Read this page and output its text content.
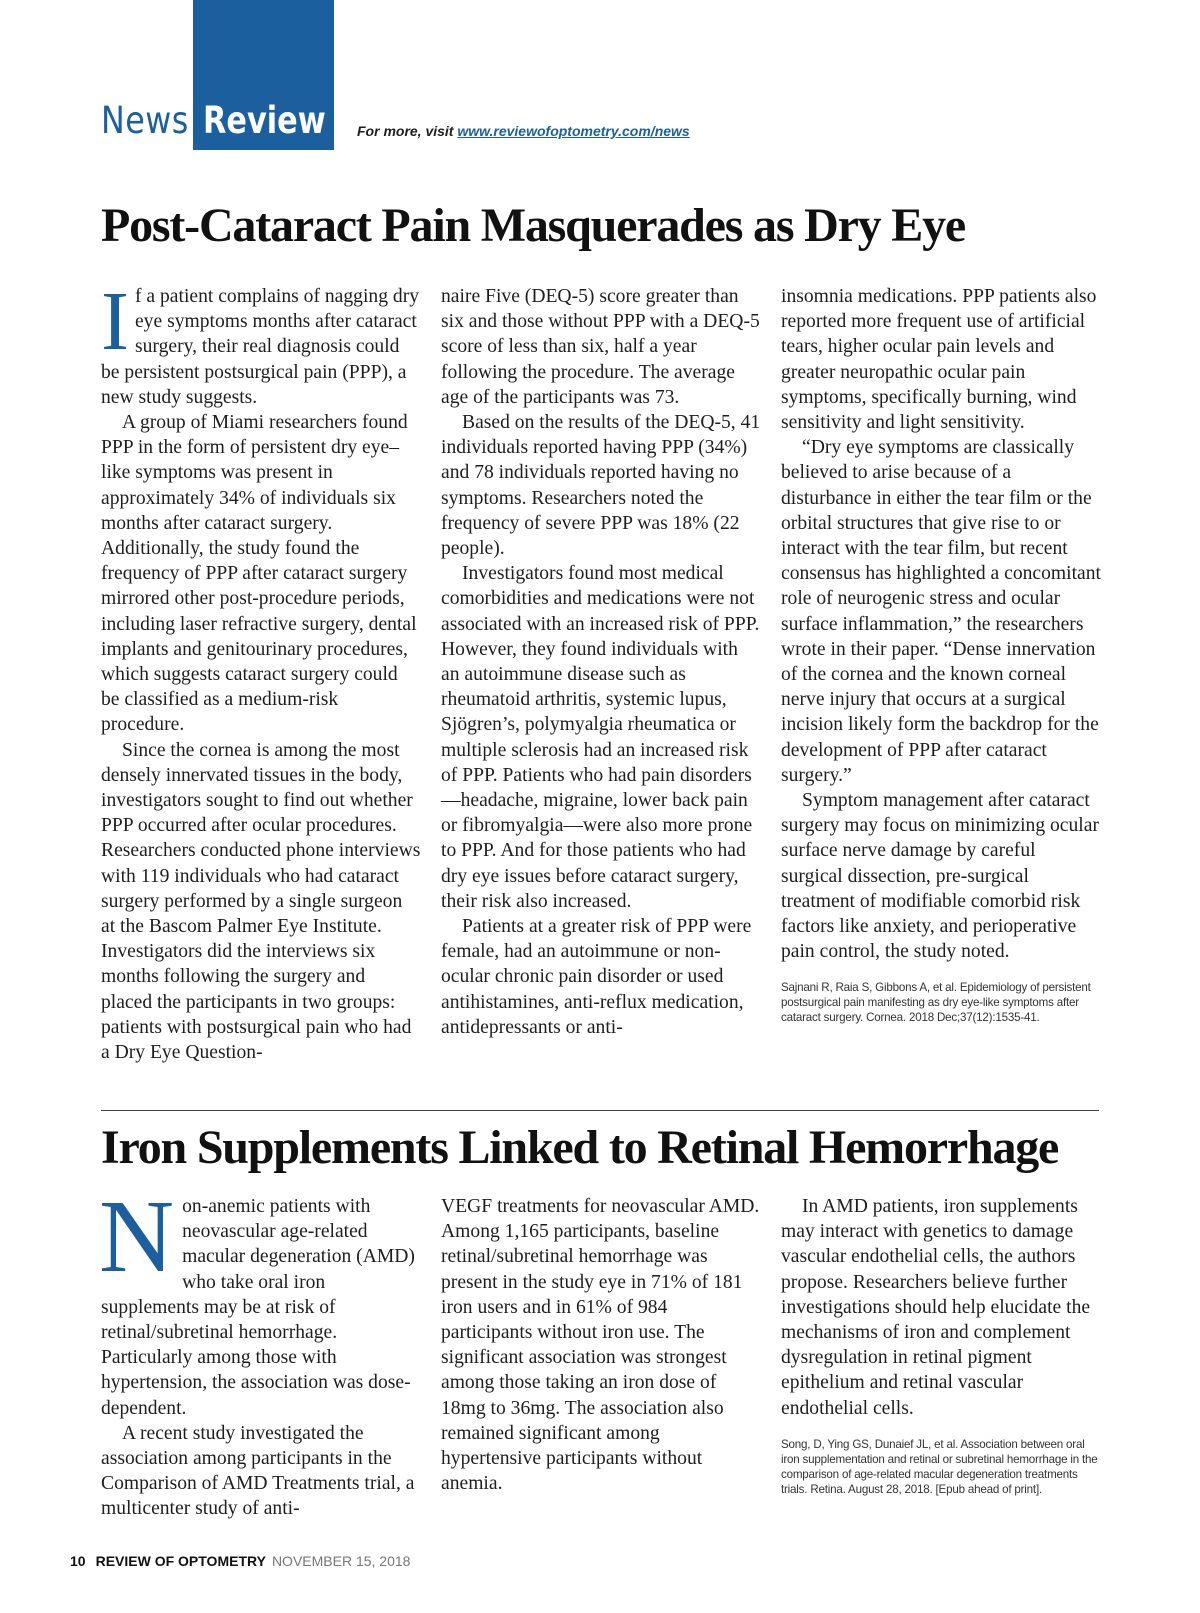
News Review For more, visit www.reviewofoptometry.com/news
Post-Cataract Pain Masquerades as Dry Eye

If a patient complains of nagging dry eye symptoms months after cataract surgery, their real diagnosis could be persistent postsurgical pain (PPP), a new study suggests.

A group of Miami researchers found PPP in the form of persistent dry eye–like symptoms was present in approximately 34% of individuals six months after cataract surgery. Additionally, the study found the frequency of PPP after cataract surgery mirrored other post-procedure periods, including laser refractive surgery, dental implants and genitourinary procedures, which suggests cataract surgery could be classified as a medium-risk procedure.

Since the cornea is among the most densely innervated tissues in the body, investigators sought to find out whether PPP occurred after ocular procedures. Researchers conducted phone interviews with 119 individuals who had cataract surgery performed by a single surgeon at the Bascom Palmer Eye Institute. Investigators did the interviews six months following the surgery and placed the participants in two groups: patients with postsurgical pain who had a Dry Eye Question-

naire Five (DEQ-5) score greater than six and those without PPP with a DEQ-5 score of less than six, half a year following the procedure. The average age of the participants was 73.

Based on the results of the DEQ-5, 41 individuals reported having PPP (34%) and 78 individuals reported having no symptoms. Researchers noted the frequency of severe PPP was 18% (22 people).

Investigators found most medical comorbidities and medications were not associated with an increased risk of PPP. However, they found individuals with an autoimmune disease such as rheumatoid arthritis, systemic lupus, Sjögren’s, polymyalgia rheumatica or multiple sclerosis had an increased risk of PPP. Patients who had pain disorders—headache, migraine, lower back pain or fibromyalgia—were also more prone to PPP. And for those patients who had dry eye issues before cataract surgery, their risk also increased.

Patients at a greater risk of PPP were female, had an autoimmune or non-ocular chronic pain disorder or used antihistamines, anti-reflux medication, antidepressants or anti-

insomnia medications. PPP patients also reported more frequent use of artificial tears, higher ocular pain levels and greater neuropathic ocular pain symptoms, specifically burning, wind sensitivity and light sensitivity.

“Dry eye symptoms are classically believed to arise because of a disturbance in either the tear film or the orbital structures that give rise to or interact with the tear film, but recent consensus has highlighted a concomitant role of neurogenic stress and ocular surface inflammation,” the researchers wrote in their paper. “Dense innervation of the cornea and the known corneal nerve injury that occurs at a surgical incision likely form the backdrop for the development of PPP after cataract surgery.”

Symptom management after cataract surgery may focus on minimizing ocular surface nerve damage by careful surgical dissection, pre-surgical treatment of modifiable comorbid risk factors like anxiety, and perioperative pain control, the study noted.

Sajnani R, Raia S, Gibbons A, et al. Epidemiology of persistent postsurgical pain manifesting as dry eye-like symptoms after cataract surgery. Cornea. 2018 Dec;37(12):1535-41.
Iron Supplements Linked to Retinal Hemorrhage

Non-anemic patients with neovascular age-related macular degeneration (AMD) who take oral iron supplements may be at risk of retinal/subretinal hemorrhage. Particularly among those with hypertension, the association was dose-dependent.

A recent study investigated the association among participants in the Comparison of AMD Treatments trial, a multicenter study of anti-

VEGF treatments for neovascular AMD. Among 1,165 participants, baseline retinal/subretinal hemorrhage was present in the study eye in 71% of 181 iron users and in 61% of 984 participants without iron use. The significant association was strongest among those taking an iron dose of 18mg to 36mg. The association also remained significant among hypertensive participants without anemia.

In AMD patients, iron supplements may interact with genetics to damage vascular endothelial cells, the authors propose. Researchers believe further investigations should help elucidate the mechanisms of iron and complement dysregulation in retinal pigment epithelium and retinal vascular endothelial cells.

Song, D, Ying GS, Dunaief JL, et al. Association between oral iron supplementation and retinal or subretinal hemorrhage in the comparison of age-related macular degeneration treatments trials. Retina. August 28, 2018. [Epub ahead of print].
10 REVIEW OF OPTOMETRY NOVEMBER 15, 2018
